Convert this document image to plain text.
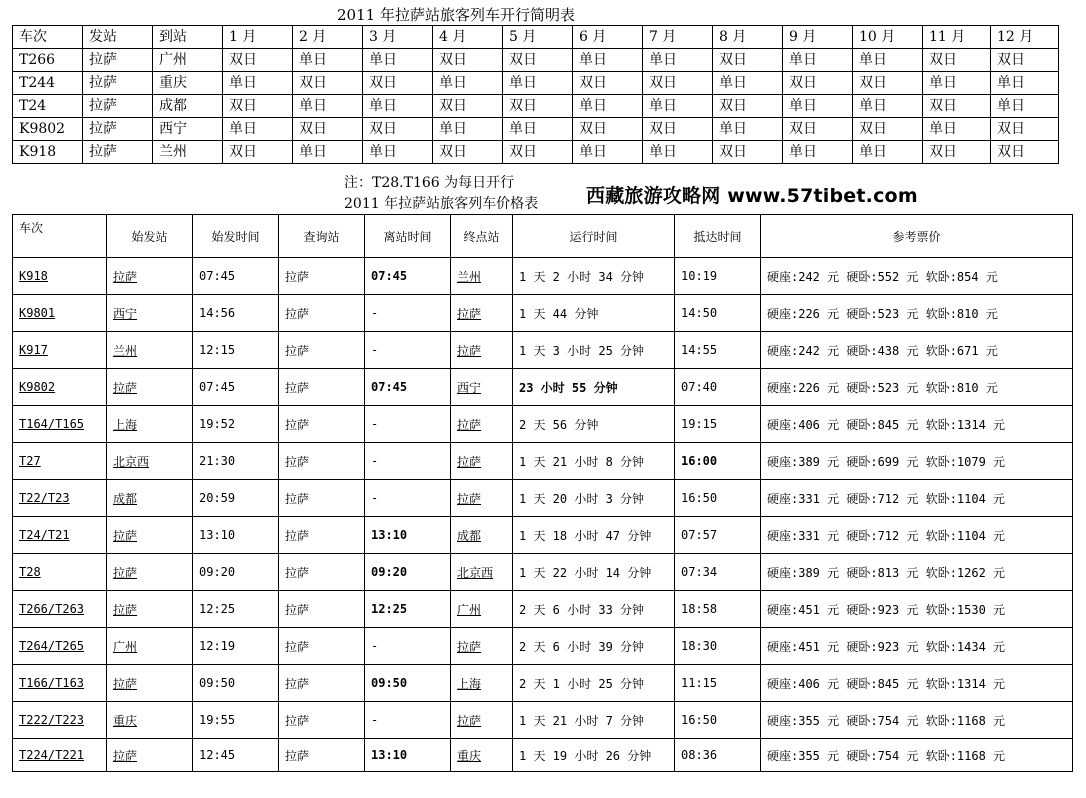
2011 年拉萨站旅客列车开行简明表
车次	发站	到站	1 月	2 月	3 月	4 月	5 月	6 月	7 月	8 月	9 月	10 月	11 月	12 月
T266	拉萨	广州	双日	单日	单日	双日	双日	单日	单日	双日	单日	单日	双日	双日
T244	拉萨	重庆	单日	双日	双日	单日	单日	双日	双日	单日	双日	双日	单日	单日
T24	拉萨	成都	双日	单日	单日	双日	双日	单日	单日	双日	单日	单日	双日	单日
K9802	拉萨	西宁	单日	双日	双日	单日	单日	双日	双日	单日	双日	双日	单日	双日
K918	拉萨	兰州	双日	单日	单日	双日	双日	单日	单日	双日	单日	单日	双日	双日
注：T28.T166 为每日开行
西藏旅游攻略网 www.57tibet.com
2011 年拉萨站旅客列车价格表
车次	始发站	始发时间	查询站	离站时间	终点站	运行时间	抵达时间	参考票价
K918	拉萨	07:45	拉萨	07:45	兰州	1 天 2 小时 34 分钟	10:19	硬座:242 元 硬卧:552 元 软卧:854 元
K9801	西宁	14:56	拉萨	-	拉萨	1 天 44 分钟	14:50	硬座:226 元 硬卧:523 元 软卧:810 元
K917	兰州	12:15	拉萨	-	拉萨	1 天 3 小时 25 分钟	14:55	硬座:242 元 硬卧:438 元 软卧:671 元
K9802	拉萨	07:45	拉萨	07:45	西宁	23 小时 55 分钟	07:40	硬座:226 元 硬卧:523 元 软卧:810 元
T164/T165	上海	19:52	拉萨	-	拉萨	2 天 56 分钟	19:15	硬座:406 元 硬卧:845 元 软卧:1314 元
T27	北京西	21:30	拉萨	-	拉萨	1 天 21 小时 8 分钟	16:00	硬座:389 元 硬卧:699 元 软卧:1079 元
T22/T23	成都	20:59	拉萨	-	拉萨	1 天 20 小时 3 分钟	16:50	硬座:331 元 硬卧:712 元 软卧:1104 元
T24/T21	拉萨	13:10	拉萨	13:10	成都	1 天 18 小时 47 分钟	07:57	硬座:331 元 硬卧:712 元 软卧:1104 元
T28	拉萨	09:20	拉萨	09:20	北京西	1 天 22 小时 14 分钟	07:34	硬座:389 元 硬卧:813 元 软卧:1262 元
T266/T263	拉萨	12:25	拉萨	12:25	广州	2 天 6 小时 33 分钟	18:58	硬座:451 元 硬卧:923 元 软卧:1530 元
T264/T265	广州	12:19	拉萨	-	拉萨	2 天 6 小时 39 分钟	18:30	硬座:451 元 硬卧:923 元 软卧:1434 元
T166/T163	拉萨	09:50	拉萨	09:50	上海	2 天 1 小时 25 分钟	11:15	硬座:406 元 硬卧:845 元 软卧:1314 元
T222/T223	重庆	19:55	拉萨	-	拉萨	1 天 21 小时 7 分钟	16:50	硬座:355 元 硬卧:754 元 软卧:1168 元
T224/T221	拉萨	12:45	拉萨	13:10	重庆	1 天 19 小时 26 分钟	08:36	硬座:355 元 硬卧:754 元 软卧:1168 元
